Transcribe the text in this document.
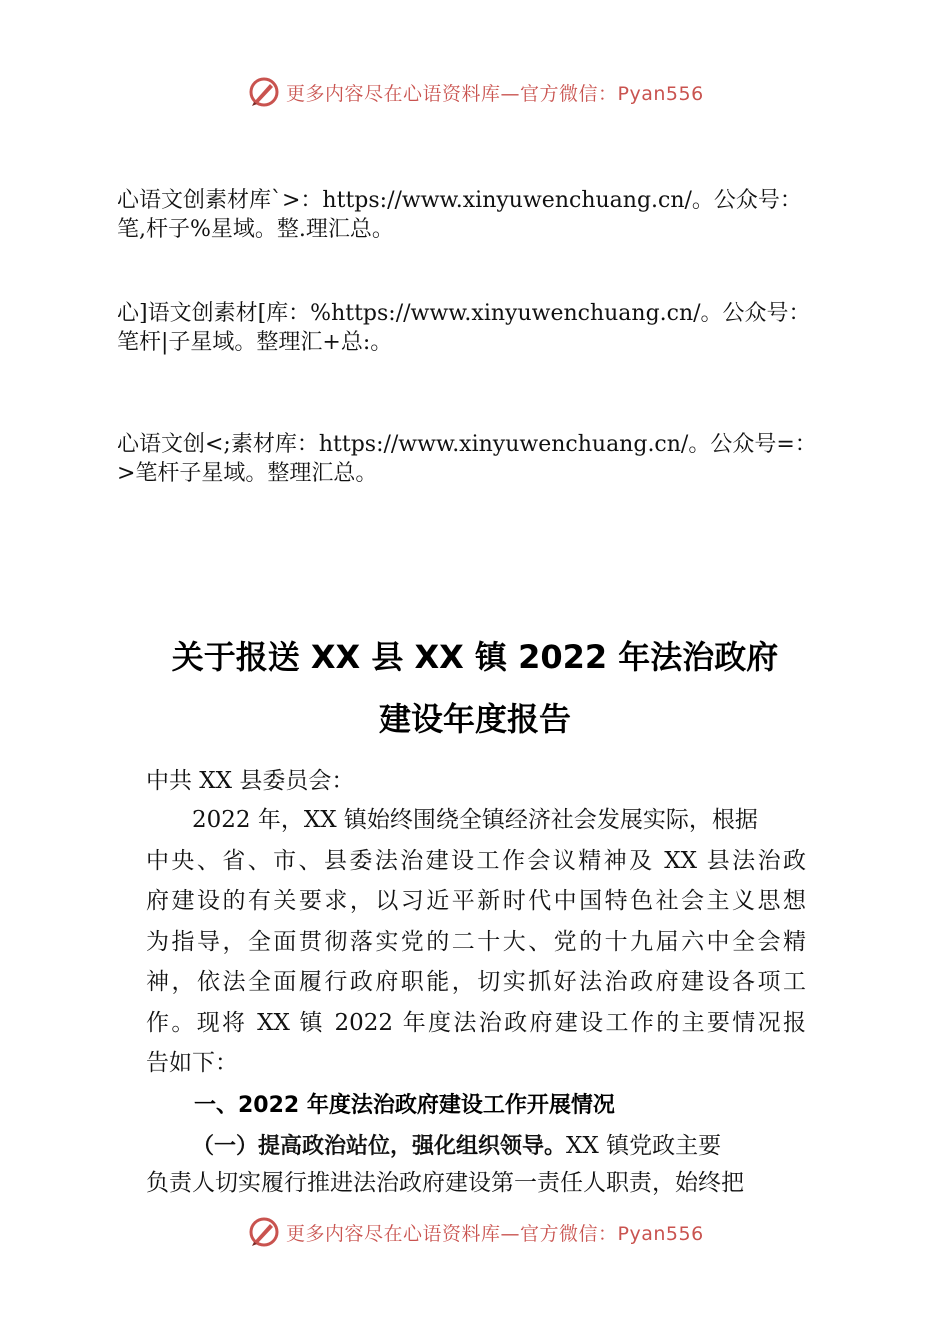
更多内容尽在心语资料库—官方微信：Pyan556

心语文创素材库`>：https://www.xinyuwenchuang.cn/。公众号：

笔,杆子%星域。整.理汇总。

心]语文创素材[库：%https://www.xinyuwenchuang.cn/。公众号：

笔杆|子星域。整理汇+总:。

心语文创<;素材库：https://www.xinyuwenchuang.cn/。公众号=：

>笔杆子星域。整理汇总。

关于报送 XX 县 XX 镇 2022 年法治政府
建设年度报告
中共 XX 县委员会：

2022 年，XX 镇始终围绕全镇经济社会发展实际，根据

中央、省、市、县委法治建设工作会议精神及 XX 县法治政

府建设的有关要求，以习近平新时代中国特色社会主义思想

为指导，全面贯彻落实党的二十大、党的十九届六中全会精

神，依法全面履行政府职能，切实抓好法治政府建设各项工

作。现将 XX 镇 2022 年度法治政府建设工作的主要情况报

告如下：

一、2022 年度法治政府建设工作开展情况
（一）提高政治站位，强化组织领导。XX 镇党政主要
负责人切实履行推进法治政府建设第一责任人职责，始终把
更多内容尽在心语资料库—官方微信：Pyan556
